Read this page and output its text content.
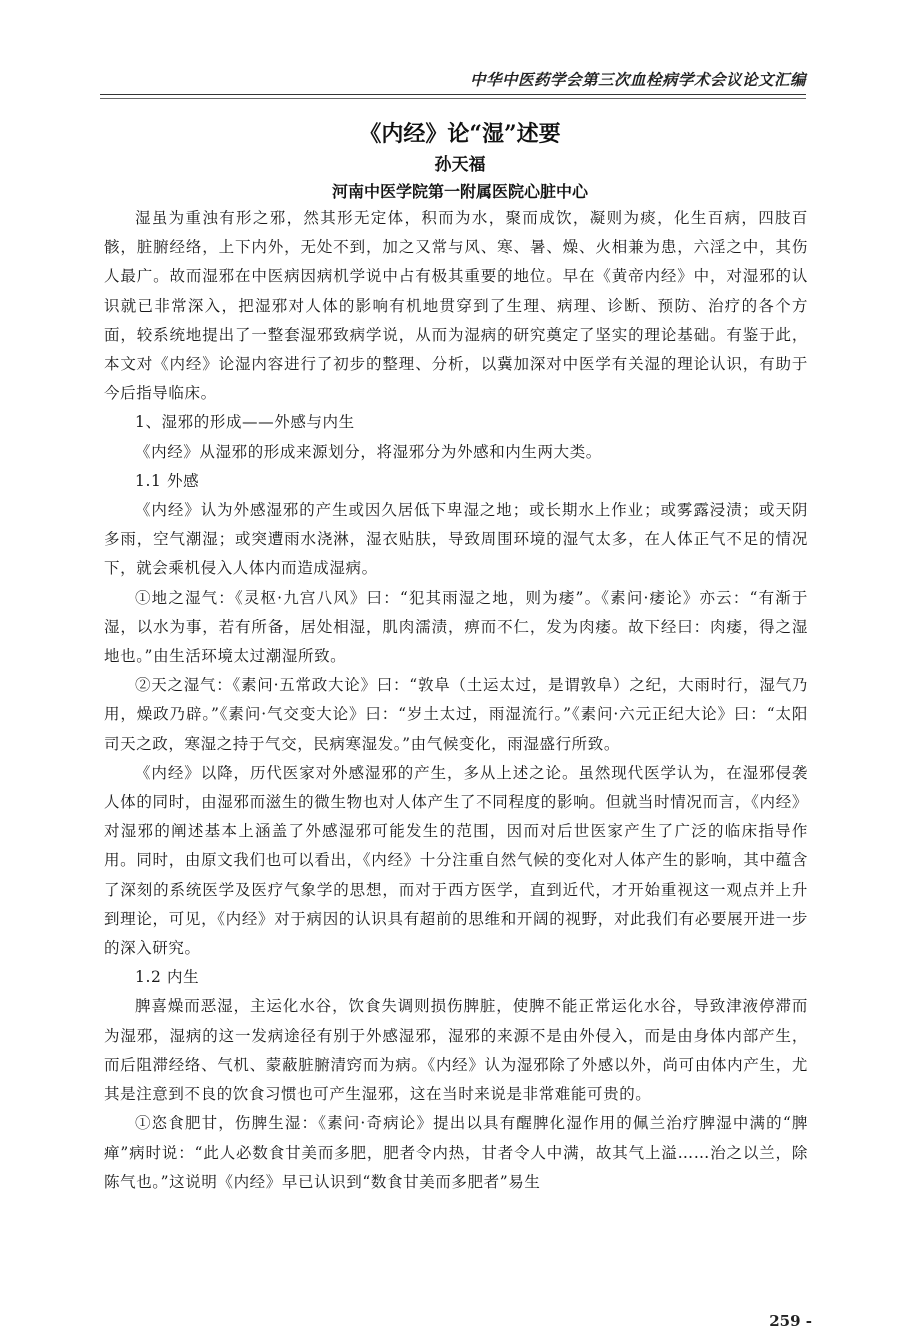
中华中医药学会第三次血栓病学术会议论文汇编
《内经》论“湿”述要
孙天福
河南中医学院第一附属医院心脏中心

湿虽为重浊有形之邪，然其形无定体，积而为水，聚而成饮，凝则为痰，化生百病，四肢百骸，脏腑经络，上下内外，无处不到，加之又常与风、寒、暑、燥、火相兼为患，六淫之中，其伤人最广。故而湿邪在中医病因病机学说中占有极其重要的地位。早在《黄帝内经》中，对湿邪的认识就已非常深入，把湿邪对人体的影响有机地贯穿到了生理、病理、诊断、预防、治疗的各个方面，较系统地提出了一整套湿邪致病学说，从而为湿病的研究奠定了坚实的理论基础。有鉴于此，本文对《内经》论湿内容进行了初步的整理、分析，以冀加深对中医学有关湿的理论认识，有助于今后指导临床。

1、湿邪的形成——外感与内生

《内经》从湿邪的形成来源划分，将湿邪分为外感和内生两大类。

1.1 外感

《内经》认为外感湿邪的产生或因久居低下卑湿之地；或长期水上作业；或雾露浸渍；或天阴多雨，空气潮湿；或突遭雨水浇淋，湿衣贴肤，导致周围环境的湿气太多，在人体正气不足的情况下，就会乘机侵入人体内而造成湿病。

①地之湿气：《灵枢·九宫八风》曰：“犯其雨湿之地，则为痿”。《素问·痿论》亦云：“有渐于湿，以水为事，若有所备，居处相湿，肌肉濡渍，痹而不仁，发为肉痿。故下经曰：肉痿，得之湿地也。”由生活环境太过潮湿所致。

②天之湿气：《素问·五常政大论》曰：“敦阜（土运太过，是谓敦阜）之纪，大雨时行，湿气乃用，燥政乃辟。”《素问·气交变大论》曰：“岁土太过，雨湿流行。”《素问·六元正纪大论》曰：“太阳司天之政，寒湿之持于气交，民病寒湿发。”由气候变化，雨湿盛行所致。

《内经》以降，历代医家对外感湿邪的产生，多从上述之论。虽然现代医学认为，在湿邪侵袭人体的同时，由湿邪而滋生的微生物也对人体产生了不同程度的影响。但就当时情况而言，《内经》对湿邪的阐述基本上涵盖了外感湿邪可能发生的范围，因而对后世医家产生了广泛的临床指导作用。同时，由原文我们也可以看出，《内经》十分注重自然气候的变化对人体产生的影响，其中蕴含了深刻的系统医学及医疗气象学的思想，而对于西方医学，直到近代，才开始重视这一观点并上升到理论，可见，《内经》对于病因的认识具有超前的思维和开阔的视野，对此我们有必要展开进一步的深入研究。

1.2 内生

脾喜燥而恶湿，主运化水谷，饮食失调则损伤脾脏，使脾不能正常运化水谷，导致津液停滞而为湿邪，湿病的这一发病途径有别于外感湿邪，湿邪的来源不是由外侵入，而是由身体内部产生，而后阻滞经络、气机、蒙蔽脏腑清窍而为病。《内经》认为湿邪除了外感以外，尚可由体内产生，尤其是注意到不良的饮食习惯也可产生湿邪，这在当时来说是非常难能可贵的。

①恣食肥甘，伤脾生湿：《素问·奇病论》提出以具有醒脾化湿作用的佩兰治疗脾湿中满的“脾瘅”病时说：“此人必数食甘美而多肥，肥者令内热，甘者令人中满，故其气上溢……治之以兰，除陈气也。”这说明《内经》早已认识到“数食甘美而多肥者”易生

259 -
